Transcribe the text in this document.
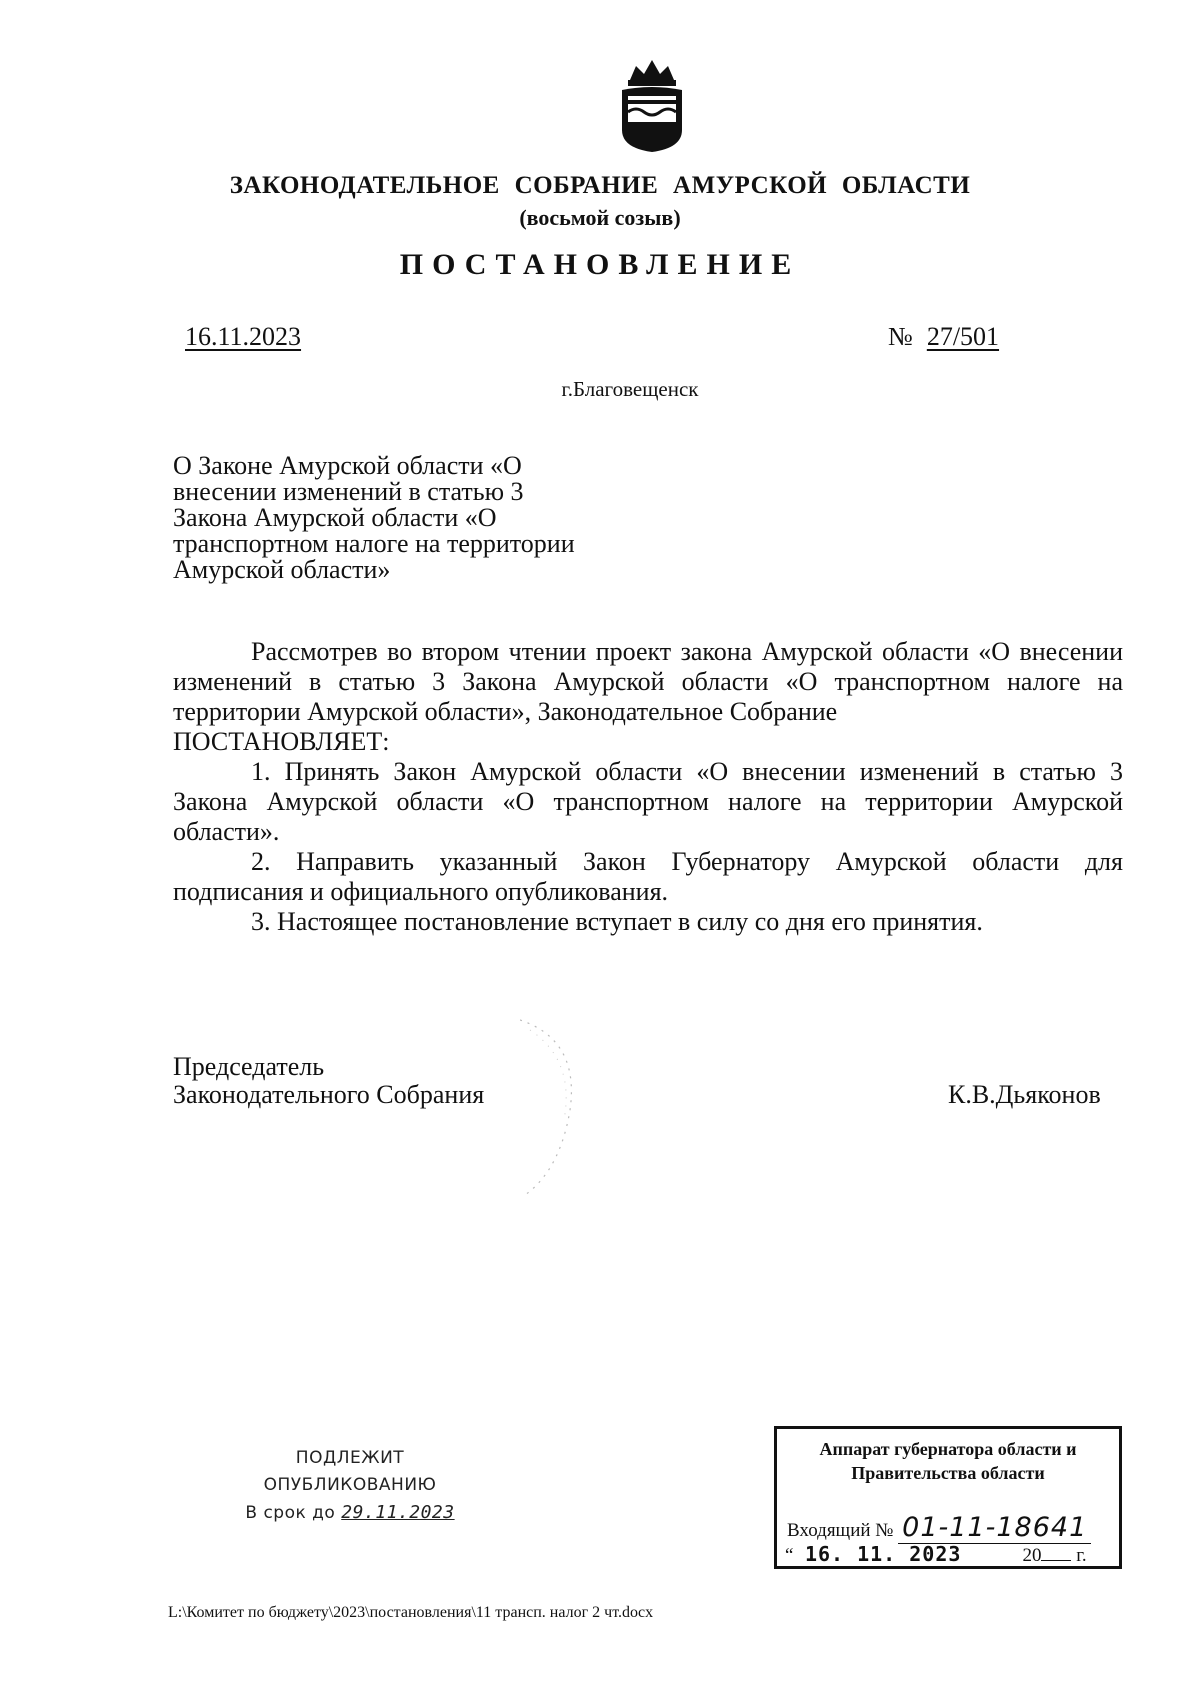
ЗАКОНОДАТЕЛЬНОЕ СОБРАНИЕ АМУРСКОЙ ОБЛАСТИ
(восьмой созыв)
ПОСТАНОВЛЕНИЕ
16.11.2023	№ 27/501
г.Благовещенск
О Законе Амурской области «О
внесении изменений в статью 3
Закона Амурской области «О
транспортном налоге на территории
Амурской области»

Рассмотрев во втором чтении проект закона Амурской области «О внесении изменений в статью 3 Закона Амурской области «О транспортном налоге на территории Амурской области», Законодательное Собрание

ПОСТАНОВЛЯЕТ:

1. Принять Закон Амурской области «О внесении изменений в статью 3 Закона Амурской области «О транспортном налоге на территории Амурской области».

2. Направить указанный Закон Губернатору Амурской области для подписания и официального опубликования.

3. Настоящее постановление вступает в силу со дня его принятия.

Председатель
Законодательного Собрания	К.В.Дьяконов
ПОДЛЕЖИТ
ОПУБЛИКОВАНИЮ
В срок до 29.11.2023
Аппарат губернатора области и
Правительства области
Входящий № 01-11-18641
“ 16. 11. 2023	20 г.
L:\Комитет по бюджету\2023\постановления\11 трансп. налог 2 чт.docx
